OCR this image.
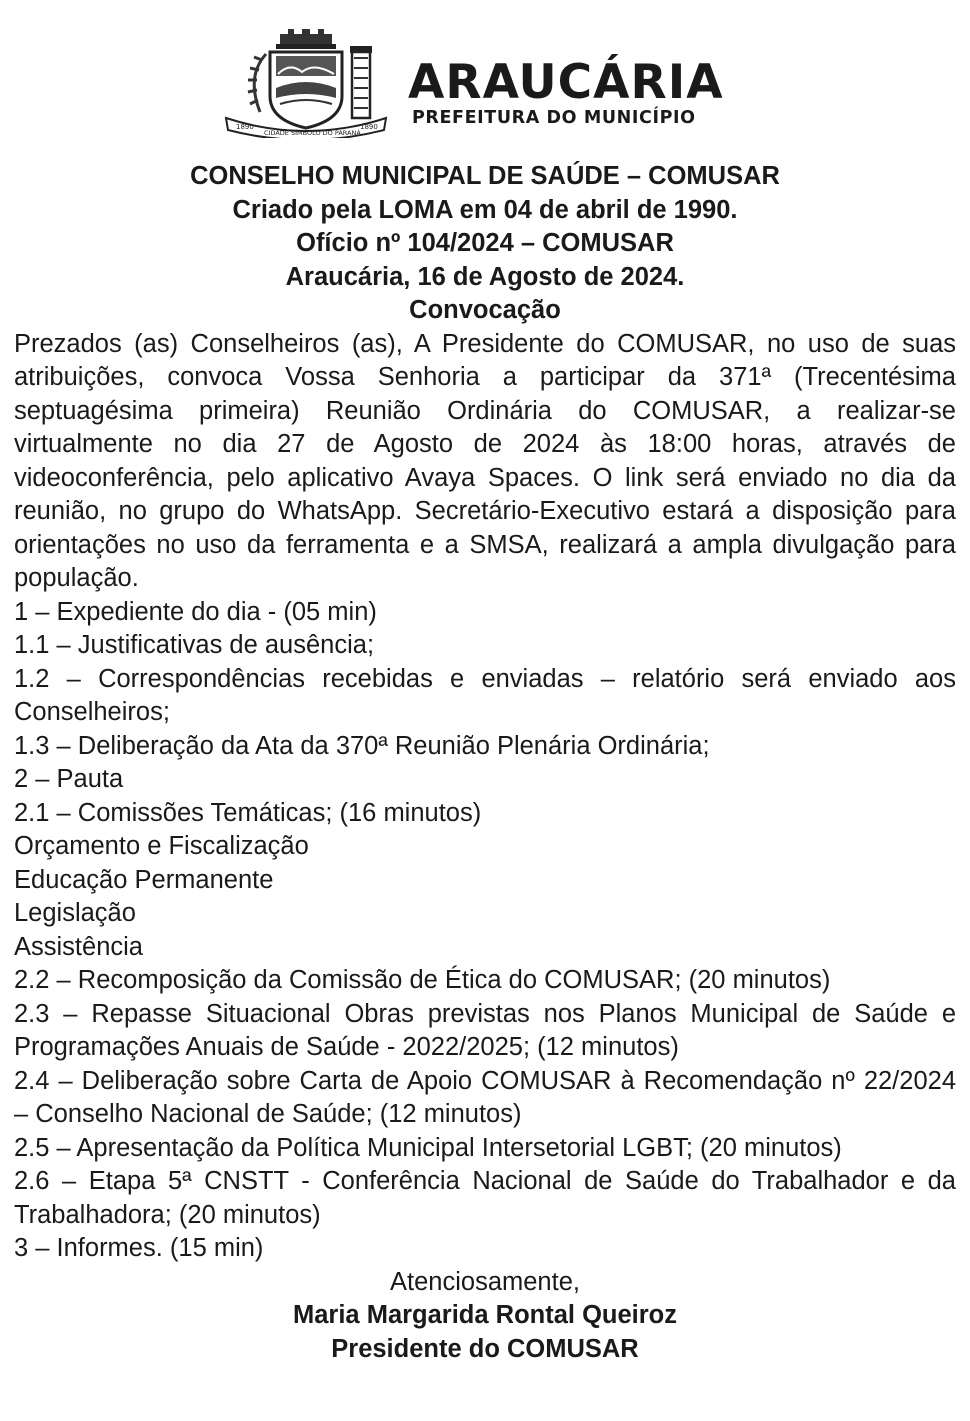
1890
CIDADE SÍMBOLO DO PARANÁ
1890
ARAUCÁRIA
PREFEITURA DO MUNICÍPIO

CONSELHO MUNICIPAL DE SAÚDE – COMUSAR

Criado pela LOMA em 04 de abril de 1990.

Ofício nº 104/2024 – COMUSAR

Araucária, 16 de Agosto de 2024.

Convocação

Prezados (as) Conselheiros (as), A Presidente do COMUSAR, no uso de suas atribuições, convoca Vossa Senhoria a participar da 371ª (Trecentésima septuagésima primeira) Reunião Ordinária do COMUSAR, a realizar-se virtualmente no dia 27 de Agosto de 2024 às 18:00 horas, através de videoconferência, pelo aplicativo Avaya Spaces. O link será enviado no dia da reunião, no grupo do WhatsApp. Secretário-Executivo estará a disposição para orientações no uso da ferramenta e a SMSA, realizará a ampla divulgação para população.

1 – Expediente do dia - (05 min)

1.1 – Justificativas de ausência;

1.2 – Correspondências recebidas e enviadas – relatório será enviado aos Conselheiros;

1.3 – Deliberação da Ata da 370ª Reunião Plenária Ordinária;

2 – Pauta

2.1 – Comissões Temáticas; (16 minutos)

Orçamento e Fiscalização

Educação Permanente

Legislação

Assistência

2.2 – Recomposição da Comissão de Ética do COMUSAR; (20 minutos)

2.3 – Repasse Situacional Obras previstas nos Planos Municipal de Saúde e Programações Anuais de Saúde - 2022/2025; (12 minutos)

2.4 – Deliberação sobre Carta de Apoio COMUSAR à Recomendação nº 22/2024 – Conselho Nacional de Saúde; (12 minutos)

2.5 – Apresentação da Política Municipal Intersetorial LGBT; (20 minutos)

2.6 – Etapa 5ª CNSTT - Conferência Nacional de Saúde do Trabalhador e da Trabalhadora; (20 minutos)

3 – Informes. (15 min)

Atenciosamente,

Maria Margarida Rontal Queiroz

Presidente do COMUSAR
